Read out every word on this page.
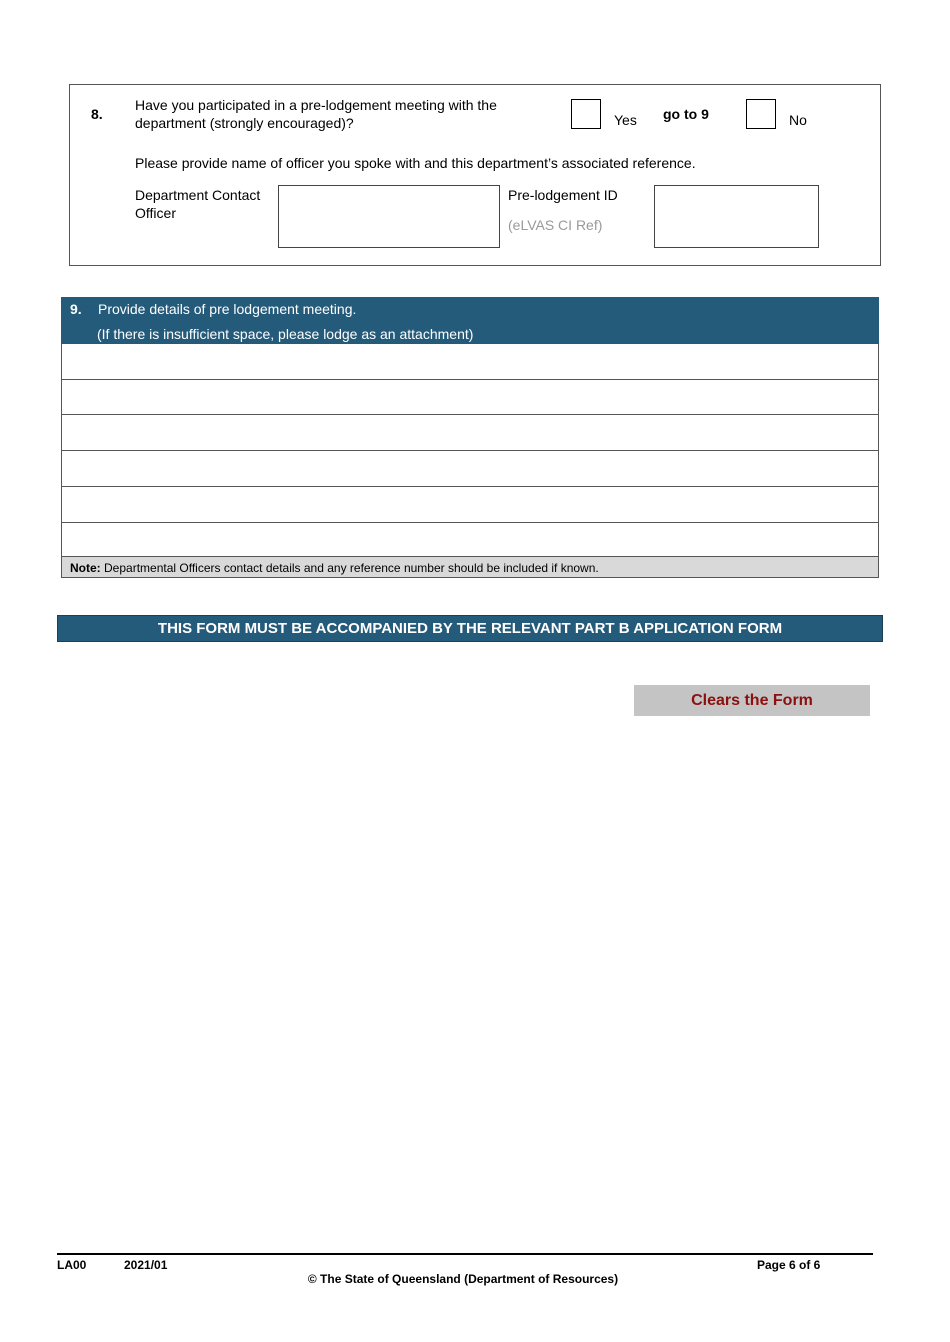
8.
Have you participated in a pre-lodgement meeting with the department (strongly encouraged)?	Yes go to 9	No
Please provide name of officer you spoke with and this department’s associated reference.
Department Contact Officer
Pre-lodgement ID
(eLVAS CI Ref)
9. Provide details of pre lodgement meeting.
(If there is insufficient space, please lodge as an attachment)
Note: Departmental Officers contact details and any reference number should be included if known.
THIS FORM MUST BE ACCOMPANIED BY THE RELEVANT PART B APPLICATION FORM
Clears the Form
LA00	2021/01	Page 6 of 6
© The State of Queensland (Department of Resources)
